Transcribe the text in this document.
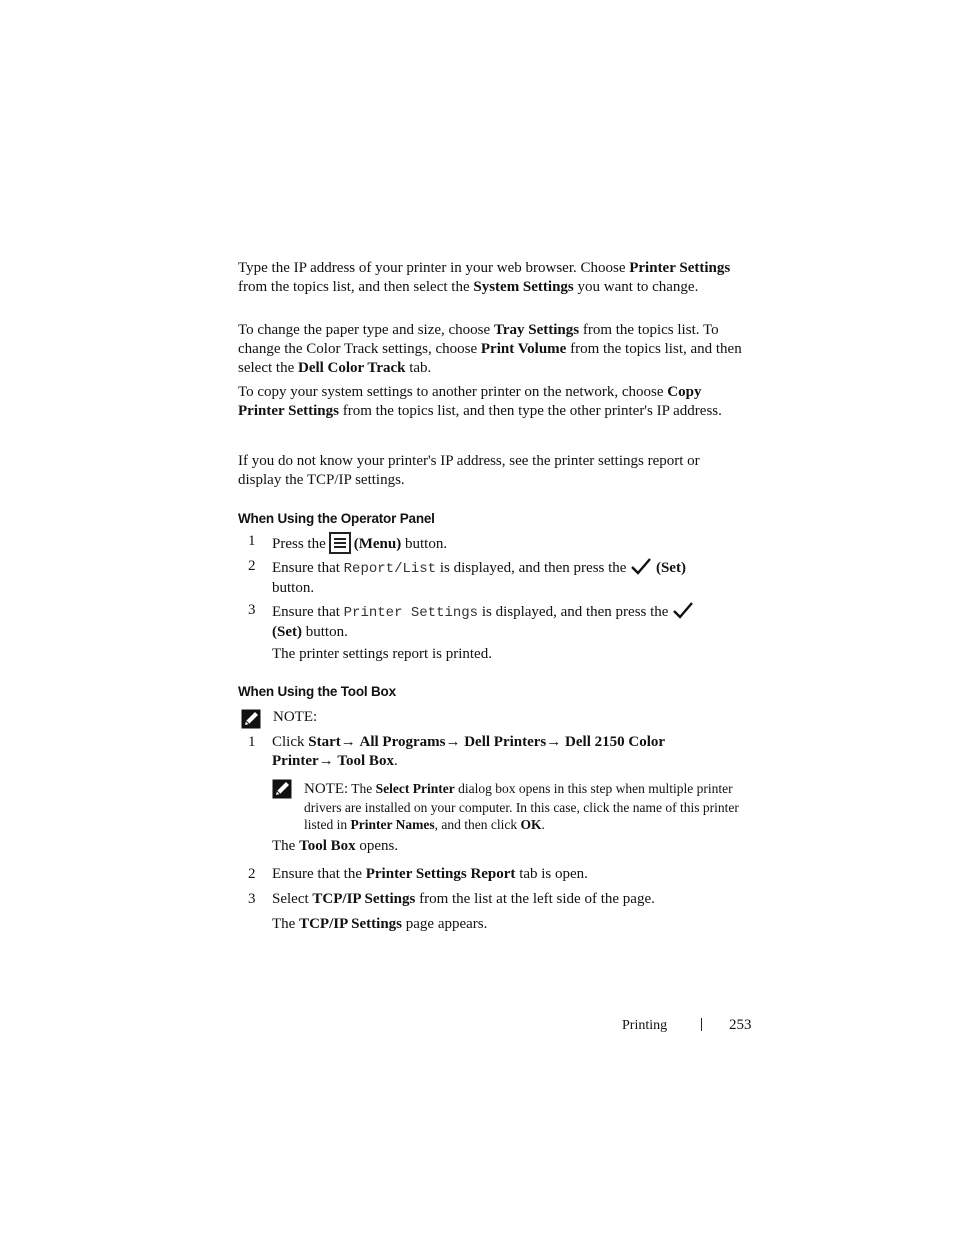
Type the IP address of your printer in your web browser. Choose Printer Settings from the topics list, and then select the System Settings you want to change.

To change the paper type and size, choose Tray Settings from the topics list. To change the Color Track settings, choose Print Volume from the topics list, and then select the Dell Color Track tab.

To copy your system settings to another printer on the network, choose Copy Printer Settings from the topics list, and then type the other printer's IP address.

If you do not know your printer's IP address, see the printer settings report or display the TCP/IP settings.

When Using the Operator Panel
1 Press the (Menu) button.
2 Ensure that Report/List is displayed, and then press the  (Set) button.
3 Ensure that Printer Settings is displayed, and then press the  (Set) button.
The printer settings report is printed.
When Using the Tool Box
NOTE:
1 Click Start→ All Programs→ Dell Printers→ Dell 2150 Color Printer→ Tool Box.
NOTE: The Select Printer dialog box opens in this step when multiple printer drivers are installed on your computer. In this case, click the name of this printer listed in Printer Names, and then click OK.
The Tool Box opens.
2 Ensure that the Printer Settings Report tab is open.
3 Select TCP/IP Settings from the list at the left side of the page.
The TCP/IP Settings page appears.
Printing	253
